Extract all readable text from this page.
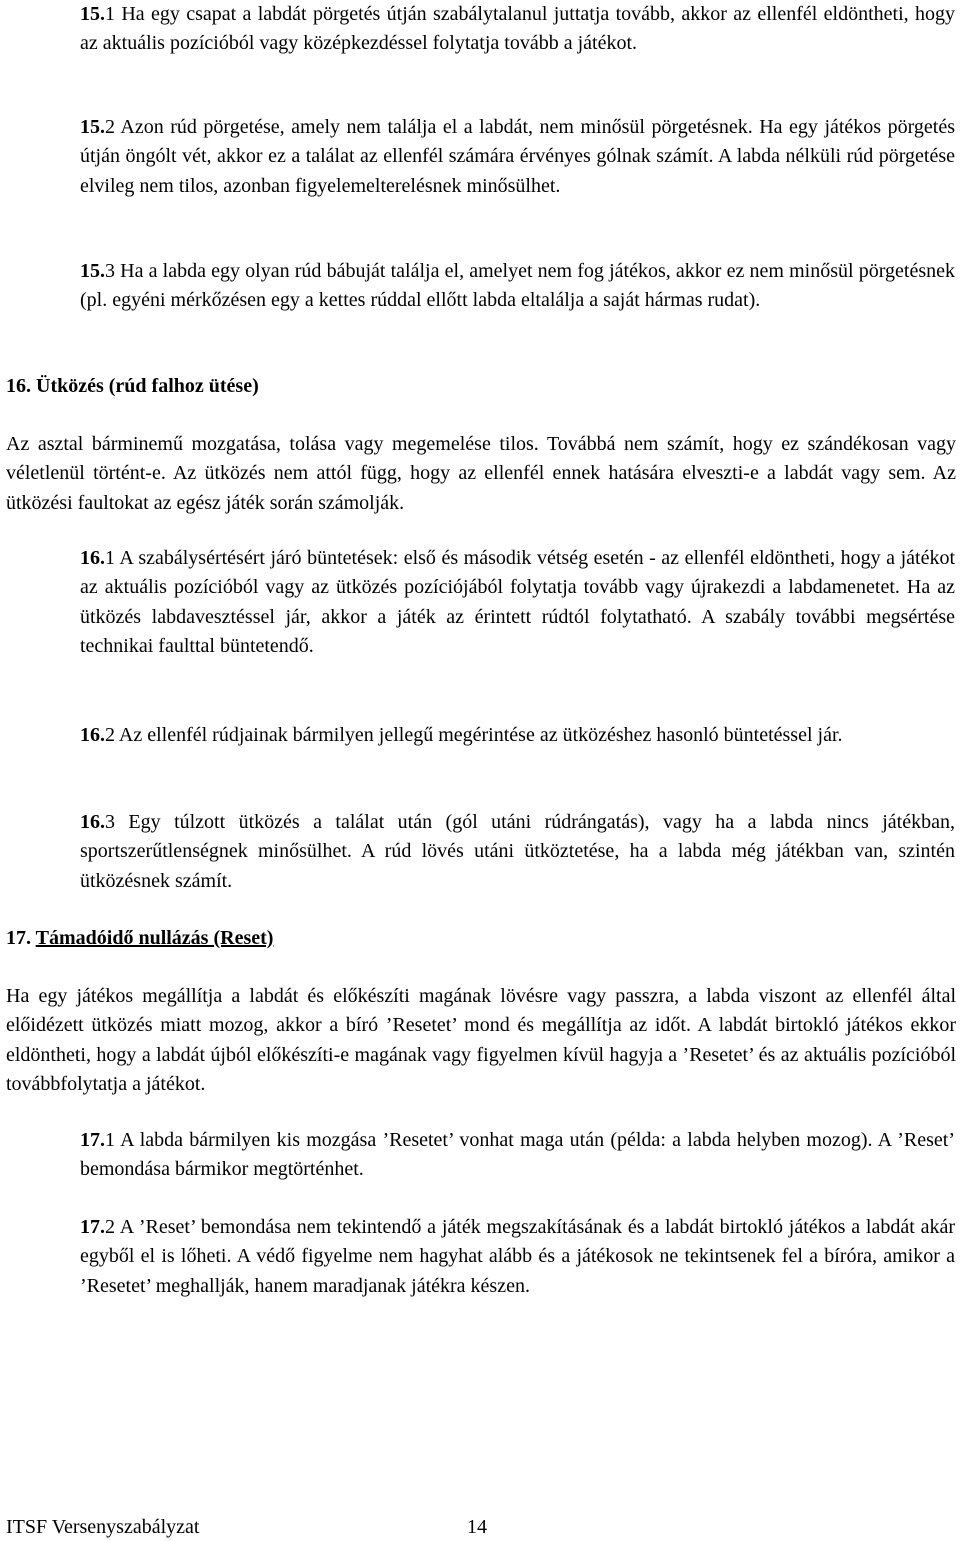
15.1 Ha egy csapat a labdát pörgetés útján szabálytalanul juttatja tovább, akkor az ellenfél eldöntheti, hogy az aktuális pozícióból vagy középkezdéssel folytatja tovább a játékot.

15.2 Azon rúd pörgetése, amely nem találja el a labdát, nem minősül pörgetésnek. Ha egy játékos pörgetés útján öngólt vét, akkor ez a találat az ellenfél számára érvényes gólnak számít. A labda nélküli rúd pörgetése elvileg nem tilos, azonban figyelemelterelésnek minősülhet.

15.3 Ha a labda egy olyan rúd bábuját találja el, amelyet nem fog játékos, akkor ez nem minősül pörgetésnek (pl. egyéni mérkőzésen egy a kettes rúddal ellőtt labda eltalálja a saját hármas rudat).

16. Ütközés (rúd falhoz ütése)

Az asztal bárminemű mozgatása, tolása vagy megemelése tilos. Továbbá nem számít, hogy ez szándékosan vagy véletlenül történt-e. Az ütközés nem attól függ, hogy az ellenfél ennek hatására elveszti-e a labdát vagy sem. Az ütközési faultokat az egész játék során számolják.

16.1 A szabálysértésért járó büntetések: első és második vétség esetén - az ellenfél eldöntheti, hogy a játékot az aktuális pozícióból vagy az ütközés pozíciójából folytatja tovább vagy újrakezdi a labdamenetet. Ha az ütközés labdavesztéssel jár, akkor a játék az érintett rúdtól folytatható. A szabály további megsértése technikai faulttal büntetendő.

16.2 Az ellenfél rúdjainak bármilyen jellegű megérintése az ütközéshez hasonló büntetéssel jár.

16.3 Egy túlzott ütközés a találat után (gól utáni rúdrángatás), vagy ha a labda nincs játékban, sportszerűtlenségnek minősülhet. A rúd lövés utáni ütköztetése, ha a labda még játékban van, szintén ütközésnek számít.

17. Támadóidő nullázás (Reset)

Ha egy játékos megállítja a labdát és előkészíti magának lövésre vagy passzra, a labda viszont az ellenfél által előidézett ütközés miatt mozog, akkor a bíró ’Resetet’ mond és megállítja az időt. A labdát birtokló játékos ekkor eldöntheti, hogy a labdát újból előkészíti-e magának vagy figyelmen kívül hagyja a ’Resetet’ és az aktuális pozícióból továbbfolytatja a játékot.

17.1 A labda bármilyen kis mozgása ’Resetet’ vonhat maga után (példa: a labda helyben mozog). A ’Reset’ bemondása bármikor megtörténhet.

17.2 A ’Reset’ bemondása nem tekintendő a játék megszakításának és a labdát birtokló játékos a labdát akár egyből el is lőheti. A védő figyelme nem hagyhat alább és a játékosok ne tekintsenek fel a bíróra, amikor a ’Resetet’ meghallják, hanem maradjanak játékra készen.

ITSF Versenyszabályzat	14
